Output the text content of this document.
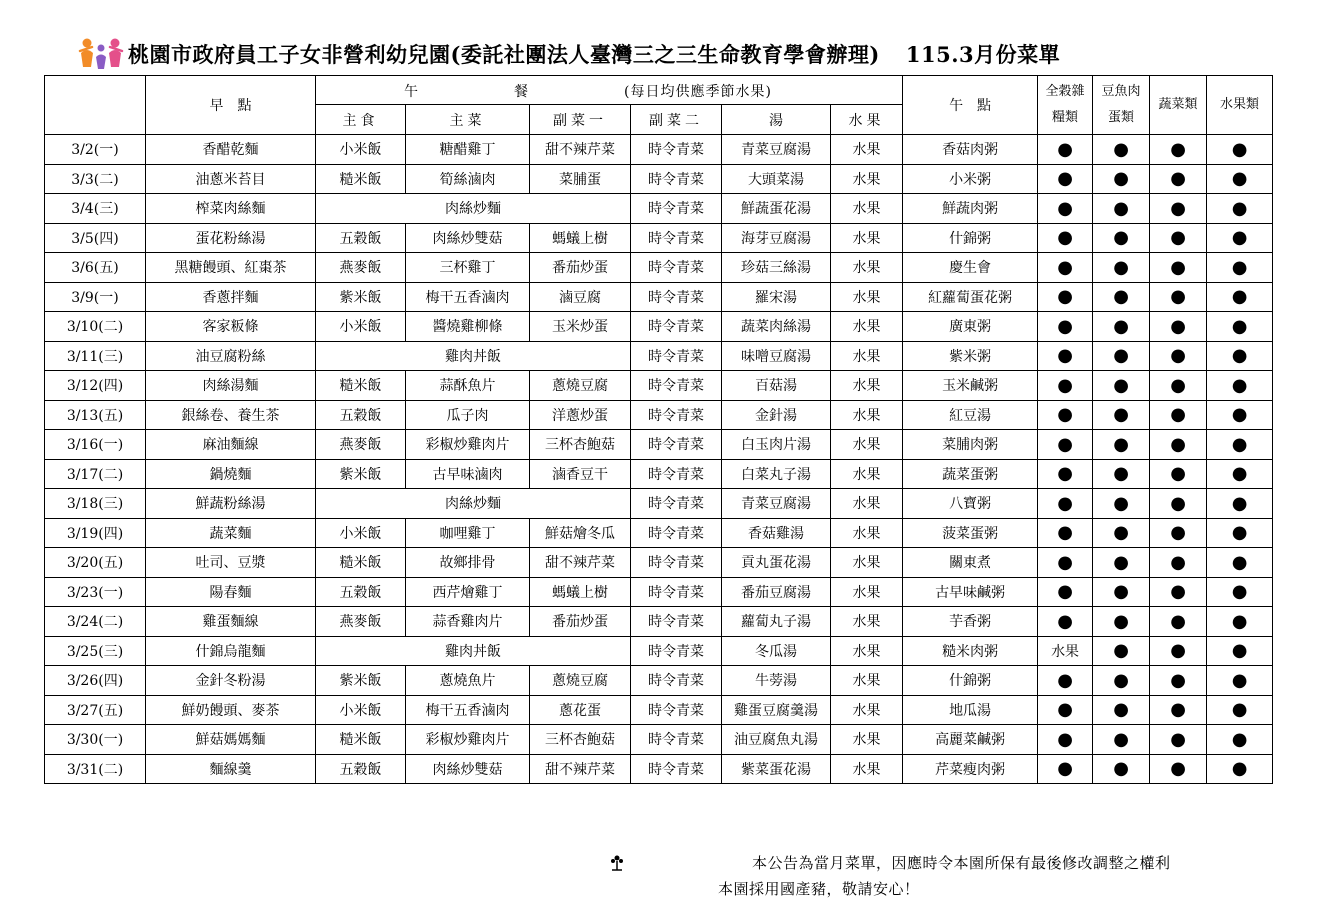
桃園市政府員工子女非營利幼兒園(委託社團法人臺灣三之三生命教育學會辦理) 115.3月份菜單
	早　點	午 餐 (每日均供應季節水果)						午　點	全穀雜糧類	豆魚肉蛋類	蔬菜類	水果類
		主食	主菜	副菜一	副菜二	湯	水果					
3/2(一)	香醋乾麵	小米飯	糖醋雞丁	甜不辣芹菜	時令青菜	青菜豆腐湯	水果	香菇肉粥	●	●	●	●
3/3(二)	油蔥米苔目	糙米飯	筍絲滷肉	菜脯蛋	時令青菜	大頭菜湯	水果	小米粥	●	●	●	●
3/4(三)	榨菜肉絲麵	肉絲炒麵			時令青菜	鮮蔬蛋花湯	水果	鮮蔬肉粥	●	●	●	●
3/5(四)	蛋花粉絲湯	五穀飯	肉絲炒雙菇	螞蟻上樹	時令青菜	海芽豆腐湯	水果	什錦粥	●	●	●	●
3/6(五)	黑糖饅頭、紅棗茶	燕麥飯	三杯雞丁	番茄炒蛋	時令青菜	珍菇三絲湯	水果	慶生會	●	●	●	●
3/9(一)	香蔥拌麵	紫米飯	梅干五香滷肉	滷豆腐	時令青菜	羅宋湯	水果	紅蘿蔔蛋花粥	●	●	●	●
3/10(二)	客家粄條	小米飯	醬燒雞柳條	玉米炒蛋	時令青菜	蔬菜肉絲湯	水果	廣東粥	●	●	●	●
3/11(三)	油豆腐粉絲	雞肉丼飯			時令青菜	味噌豆腐湯	水果	紫米粥	●	●	●	●
3/12(四)	肉絲湯麵	糙米飯	蒜酥魚片	蔥燒豆腐	時令青菜	百菇湯	水果	玉米鹹粥	●	●	●	●
3/13(五)	銀絲卷、養生茶	五穀飯	瓜子肉	洋蔥炒蛋	時令青菜	金針湯	水果	紅豆湯	●	●	●	●
3/16(一)	麻油麵線	燕麥飯	彩椒炒雞肉片	三杯杏鮑菇	時令青菜	白玉肉片湯	水果	菜脯肉粥	●	●	●	●
3/17(二)	鍋燒麵	紫米飯	古早味滷肉	滷香豆干	時令青菜	白菜丸子湯	水果	蔬菜蛋粥	●	●	●	●
3/18(三)	鮮蔬粉絲湯	肉絲炒麵			時令青菜	青菜豆腐湯	水果	八寶粥	●	●	●	●
3/19(四)	蔬菜麵	小米飯	咖哩雞丁	鮮菇燴冬瓜	時令青菜	香菇雞湯	水果	菠菜蛋粥	●	●	●	●
3/20(五)	吐司、豆漿	糙米飯	故鄉排骨	甜不辣芹菜	時令青菜	貢丸蛋花湯	水果	關東煮	●	●	●	●
3/23(一)	陽春麵	五穀飯	西芹燴雞丁	螞蟻上樹	時令青菜	番茄豆腐湯	水果	古早味鹹粥	●	●	●	●
3/24(二)	雞蛋麵線	燕麥飯	蒜香雞肉片	番茄炒蛋	時令青菜	蘿蔔丸子湯	水果	芋香粥	●	●	●	●
3/25(三)	什錦烏龍麵	雞肉丼飯			時令青菜	冬瓜湯	水果	糙米肉粥	水果	●	●	●
3/26(四)	金針冬粉湯	紫米飯	蔥燒魚片	蔥燒豆腐	時令青菜	牛蒡湯	水果	什錦粥	●	●	●	●
3/27(五)	鮮奶饅頭、麥茶	小米飯	梅干五香滷肉	蔥花蛋	時令青菜	雞蛋豆腐羹湯	水果	地瓜湯	●	●	●	●
3/30(一)	鮮菇媽媽麵	糙米飯	彩椒炒雞肉片	三杯杏鮑菇	時令青菜	油豆腐魚丸湯	水果	高麗菜鹹粥	●	●	●	●
3/31(二)	麵線羹	五穀飯	肉絲炒雙菇	甜不辣芹菜	時令青菜	紫菜蛋花湯	水果	芹菜瘦肉粥	●	●	●	●
本公告為當月菜單，因應時令本園所保有最後修改調整之權利
本園採用國產豬，敬請安心！
